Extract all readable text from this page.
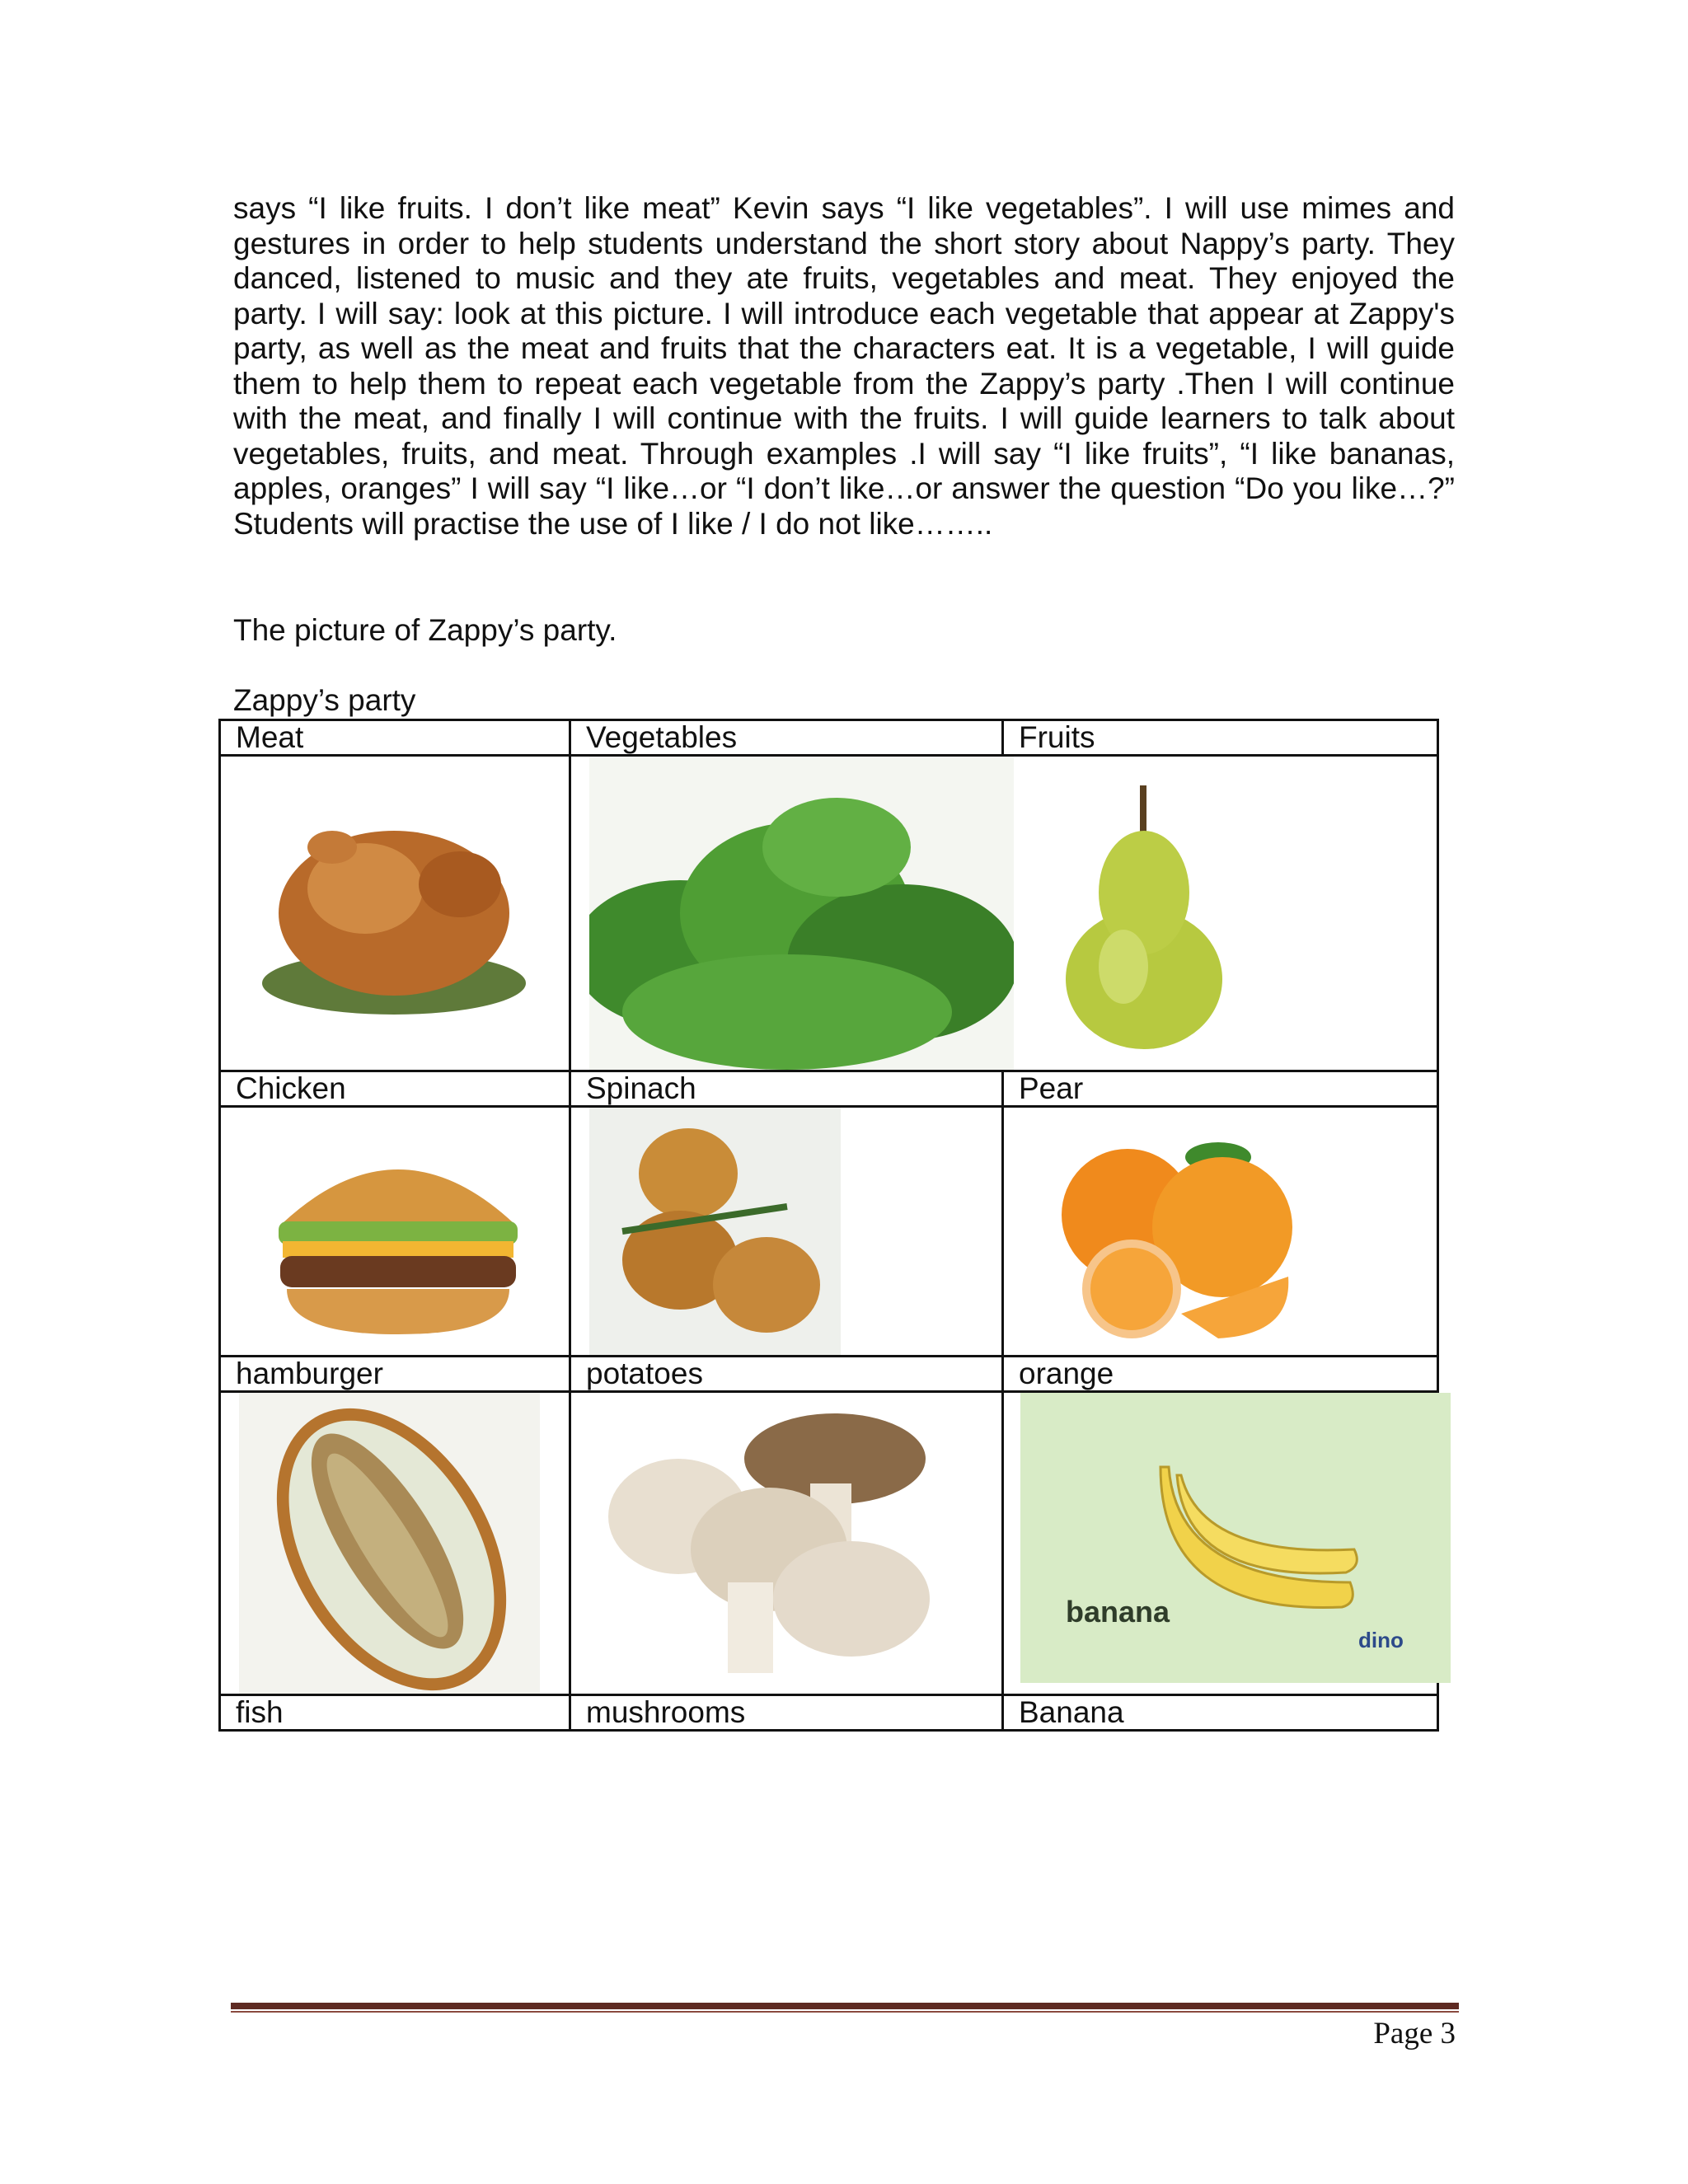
says “I like fruits. I don’t like meat” Kevin says “I like vegetables”. I will use mimes and gestures in order to help students understand the short story about Nappy’s party. They danced, listened to music and they ate fruits, vegetables and meat. They enjoyed the party. I will say: look at this picture. I will introduce each vegetable that appear at Zappy's party, as well as the meat and fruits that the characters eat. It is a vegetable, I will guide them to help them to repeat each vegetable from the Zappy’s party .Then I will continue with the meat, and finally I will continue with the fruits. I will guide learners to talk about vegetables, fruits, and meat. Through examples .I will say “I like fruits”, “I like bananas, apples, oranges” I will say “I like…or “I don’t like…or answer the question “Do you like…?” Students will practise the use of I like / I do not like……..

The picture of Zappy’s party.

Zappy’s party

Meat	Vegetables	Fruits

Chicken	Spinach	Pear

hamburger	potatoes	orange

banana
dino

fish	mushrooms	Banana
Page 3
